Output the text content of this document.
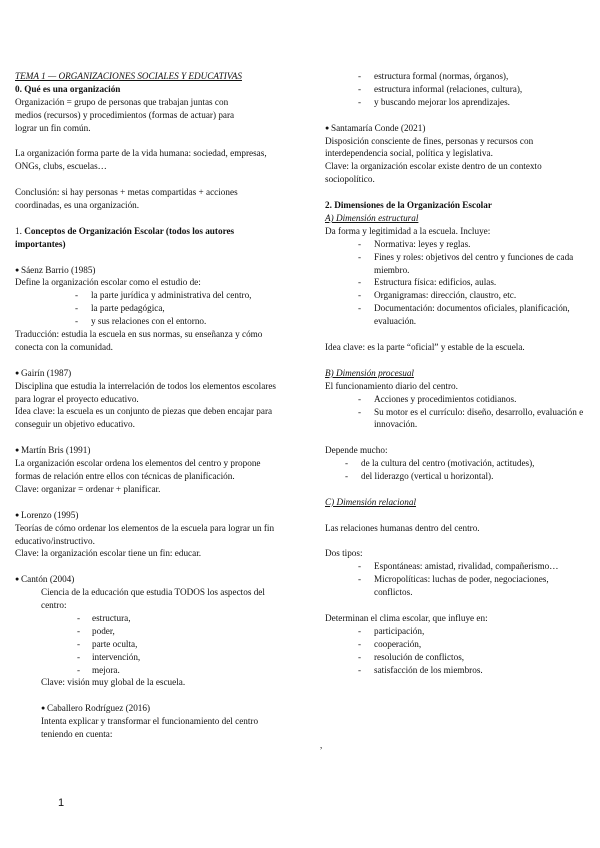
TEMA 1 — ORGANIZACIONES SOCIALES Y EDUCATIVAS

0. Qué es una organización

Organización = grupo de personas que trabajan juntas con

medios (recursos) y procedimientos (formas de actuar) para

lograr un fin común.

La organización forma parte de la vida humana: sociedad, empresas,

ONGs, clubs, escuelas…

Conclusión: si hay personas + metas compartidas + acciones

coordinadas, es una organización.

1. Conceptos de Organización Escolar (todos los autores

importantes)

● Sáenz Barrio (1985)

Define la organización escolar como el estudio de:

- la parte jurídica y administrativa del centro,
- la parte pedagógica,
- y sus relaciones con el entorno.

Traducción: estudia la escuela en sus normas, su enseñanza y cómo

conecta con la comunidad.

● Gairín (1987)

Disciplina que estudia la interrelación de todos los elementos escolares

para lograr el proyecto educativo.

Idea clave: la escuela es un conjunto de piezas que deben encajar para

conseguir un objetivo educativo.

● Martín Bris (1991)

La organización escolar ordena los elementos del centro y propone

formas de relación entre ellos con técnicas de planificación.

Clave: organizar = ordenar + planificar.

● Lorenzo (1995)

Teorías de cómo ordenar los elementos de la escuela para lograr un fin

educativo/instructivo.

Clave: la organización escolar tiene un fin: educar.

● Cantón (2004)

Ciencia de la educación que estudia TODOS los aspectos del

centro:

- estructura,
- poder,
- parte oculta,
- intervención,
- mejora.

Clave: visión muy global de la escuela.

● Caballero Rodríguez (2016)

Intenta explicar y transformar el funcionamiento del centro

teniendo en cuenta:

- estructura formal (normas, órganos),
- estructura informal (relaciones, cultura),
- y buscando mejorar los aprendizajes.

● Santamaría Conde (2021)

Disposición consciente de fines, personas y recursos con

interdependencia social, política y legislativa.

Clave: la organización escolar existe dentro de un contexto

sociopolítico.

2. Dimensiones de la Organización Escolar

A) Dimensión estructural

Da forma y legitimidad a la escuela. Incluye:

- Normativa: leyes y reglas.
- Fines y roles: objetivos del centro y funciones de cada miembro.
- Estructura física: edificios, aulas.
- Organigramas: dirección, claustro, etc.
- Documentación: documentos oficiales, planificación, evaluación.

Idea clave: es la parte “oficial” y estable de la escuela.

B) Dimensión procesual

El funcionamiento diario del centro.

- Acciones y procedimientos cotidianos.
- Su motor es el currículo: diseño, desarrollo, evaluación e innovación.

Depende mucho:

- de la cultura del centro (motivación, actitudes),
- del liderazgo (vertical u horizontal).

C) Dimensión relacional

Las relaciones humanas dentro del centro.

Dos tipos:

- Espontáneas: amistad, rivalidad, compañerismo…
- Micropolíticas: luchas de poder, negociaciones, conflictos.

Determinan el clima escolar, que influye en:

- participación,
- cooperación,
- resolución de conflictos,
- satisfacción de los miembros.
,
1
